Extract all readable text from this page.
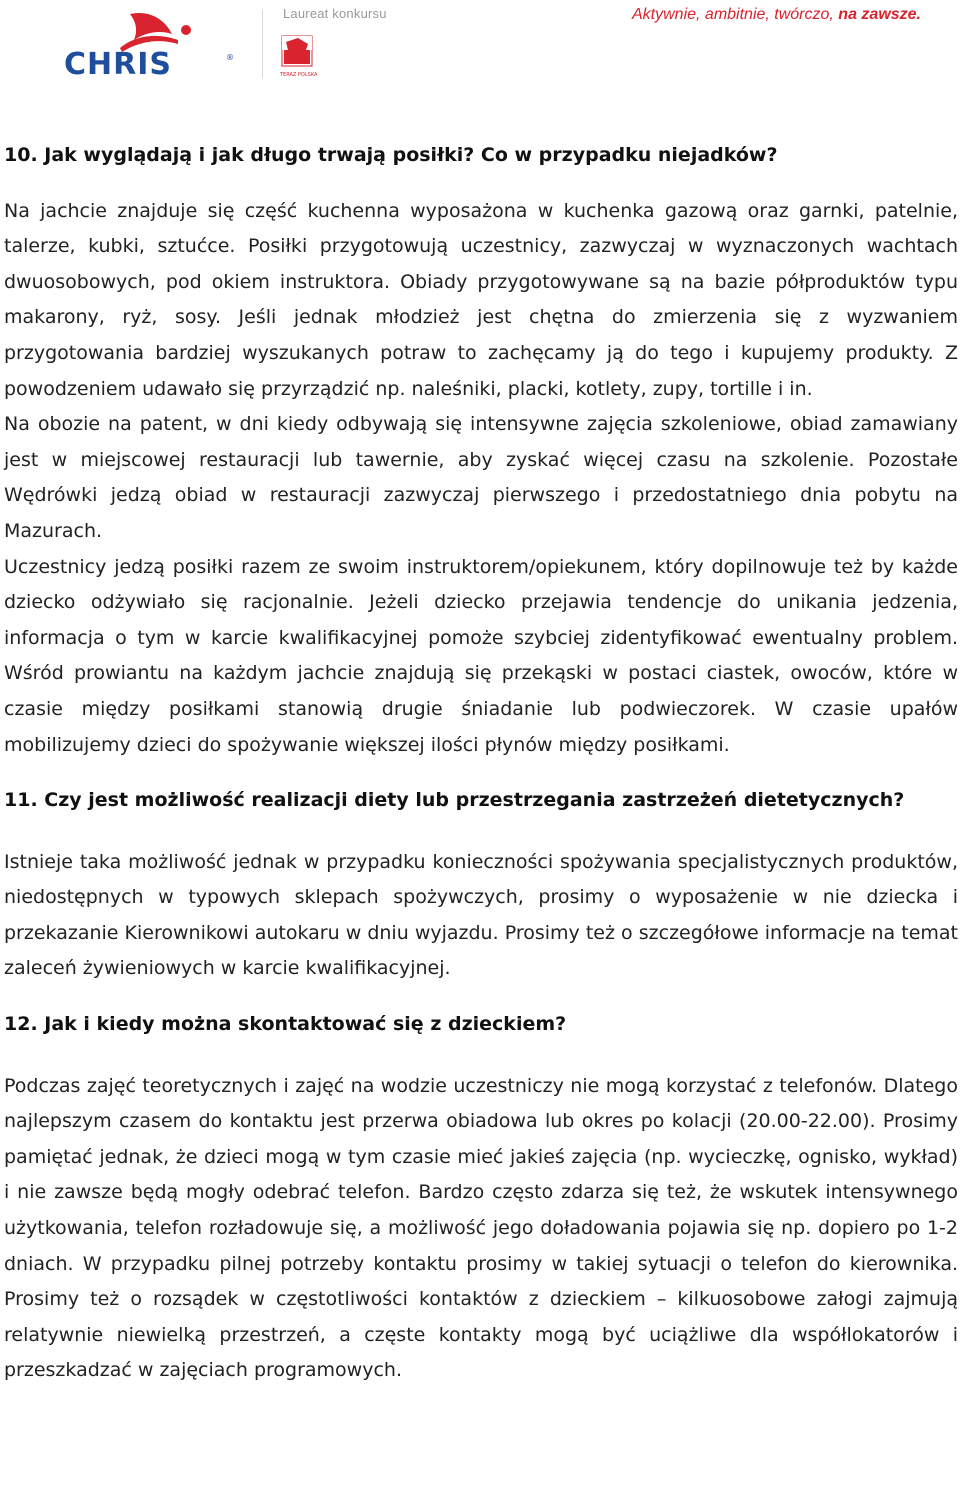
CHRIS	®
Laureat konkursu
TERAZ POLSKA
Aktywnie, ambitnie, twórczo, na zawsze.
10. Jak wyglądają i jak długo trwają posiłki? Co w przypadku niejadków?

Na jachcie znajduje się część kuchenna wyposażona w kuchenka gazową oraz garnki, patelnie, talerze, kubki, sztućce. Posiłki przygotowują uczestnicy, zazwyczaj w wyznaczonych wachtach dwuosobowych, pod okiem instruktora. Obiady przygotowywane są na bazie półproduktów typu makarony, ryż, sosy. Jeśli jednak młodzież jest chętna do zmierzenia się z wyzwaniem przygotowania bardziej wyszukanych potraw to zachęcamy ją do tego i kupujemy produkty. Z powodzeniem udawało się przyrządzić np. naleśniki, placki, kotlety, zupy, tortille i in.

Na obozie na patent, w dni kiedy odbywają się intensywne zajęcia szkoleniowe, obiad zamawiany jest w miejscowej restauracji lub tawernie, aby zyskać więcej czasu na szkolenie. Pozostałe Wędrówki jedzą obiad w restauracji zazwyczaj pierwszego i przedostatniego dnia pobytu na Mazurach.

Uczestnicy jedzą posiłki razem ze swoim instruktorem/opiekunem, który dopilnowuje też by każde dziecko odżywiało się racjonalnie. Jeżeli dziecko przejawia tendencje do unikania jedzenia, informacja o tym w karcie kwalifikacyjnej pomoże szybciej zidentyfikować ewentualny problem. Wśród prowiantu na każdym jachcie znajdują się przekąski w postaci ciastek, owoców, które w czasie między posiłkami stanowią drugie śniadanie lub podwieczorek. W czasie upałów mobilizujemy dzieci do spożywanie większej ilości płynów między posiłkami.

11. Czy jest możliwość realizacji diety lub przestrzegania zastrzeżeń dietetycznych?

Istnieje taka możliwość jednak w przypadku konieczności spożywania specjalistycznych produktów, niedostępnych w typowych sklepach spożywczych, prosimy o wyposażenie w nie dziecka i przekazanie Kierownikowi autokaru w dniu wyjazdu. Prosimy też o szczegółowe informacje na temat zaleceń żywieniowych w karcie kwalifikacyjnej.

12. Jak i kiedy można skontaktować się z dzieckiem?

Podczas zajęć teoretycznych i zajęć na wodzie uczestniczy nie mogą korzystać z telefonów. Dlatego najlepszym czasem do kontaktu jest przerwa obiadowa lub okres po kolacji (20.00-22.00). Prosimy pamiętać jednak, że dzieci mogą w tym czasie mieć jakieś zajęcia (np. wycieczkę, ognisko, wykład) i nie zawsze będą mogły odebrać telefon. Bardzo często zdarza się też, że wskutek intensywnego użytkowania, telefon rozładowuje się, a możliwość jego doładowania pojawia się np. dopiero po 1-2 dniach. W przypadku pilnej potrzeby kontaktu prosimy w takiej sytuacji o telefon do kierownika. Prosimy też o rozsądek w częstotliwości kontaktów z dzieckiem – kilkuosobowe załogi zajmują relatywnie niewielką przestrzeń, a częste kontakty mogą być uciążliwe dla współlokatorów i przeszkadzać w zajęciach programowych.
